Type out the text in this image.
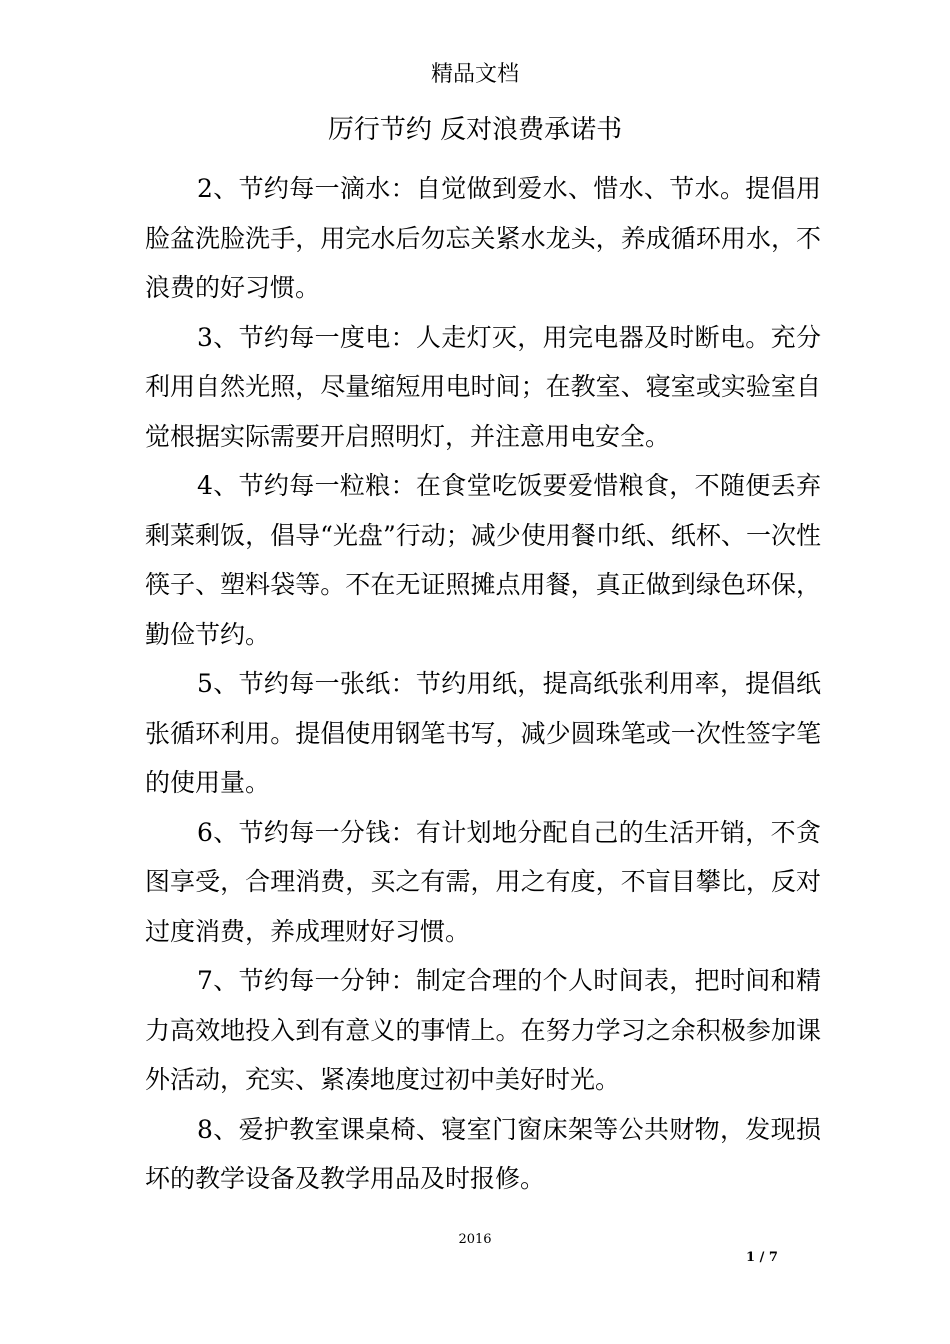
精品文档
厉行节约 反对浪费承诺书

2、节约每一滴水：自觉做到爱水、惜水、节水。提倡用脸盆洗脸洗手，用完水后勿忘关紧水龙头，养成循环用水，不浪费的好习惯。

3、节约每一度电：人走灯灭，用完电器及时断电。充分利用自然光照，尽量缩短用电时间；在教室、寝室或实验室自觉根据实际需要开启照明灯，并注意用电安全。

4、节约每一粒粮：在食堂吃饭要爱惜粮食，不随便丢弃剩菜剩饭，倡导“光盘”行动；减少使用餐巾纸、纸杯、一次性筷子、塑料袋等。不在无证照摊点用餐，真正做到绿色环保，勤俭节约。

5、节约每一张纸：节约用纸，提高纸张利用率，提倡纸张循环利用。提倡使用钢笔书写，减少圆珠笔或一次性签字笔的使用量。

6、节约每一分钱：有计划地分配自己的生活开销，不贪图享受，合理消费，买之有需，用之有度，不盲目攀比，反对过度消费，养成理财好习惯。

7、节约每一分钟：制定合理的个人时间表，把时间和精力高效地投入到有意义的事情上。在努力学习之余积极参加课外活动，充实、紧凑地度过初中美好时光。

8、爱护教室课桌椅、寝室门窗床架等公共财物，发现损坏的教学设备及教学用品及时报修。

2016
1 / 7
